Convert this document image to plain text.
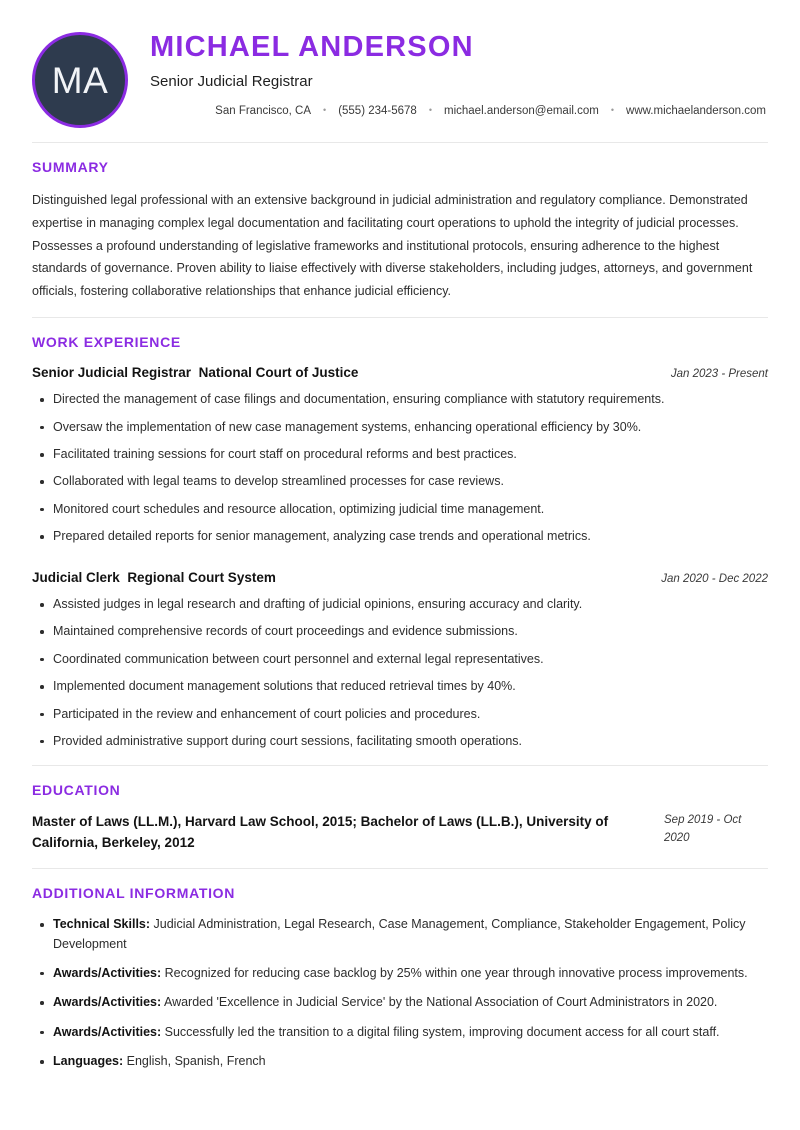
MA
MICHAEL ANDERSON
Senior Judicial Registrar
San Francisco, CA	•	(555) 234-5678	•	michael.anderson@email.com	•	www.michaelanderson.com
SUMMARY
Distinguished legal professional with an extensive background in judicial administration and regulatory compliance. Demonstrated expertise in managing complex legal documentation and facilitating court operations to uphold the integrity of judicial processes. Possesses a profound understanding of legislative frameworks and institutional protocols, ensuring adherence to the highest standards of governance. Proven ability to liaise effectively with diverse stakeholders, including judges, attorneys, and government officials, fostering collaborative relationships that enhance judicial efficiency.
WORK EXPERIENCE
Senior Judicial Registrar National Court of Justice	Jan 2023 - Present
Directed the management of case filings and documentation, ensuring compliance with statutory requirements.
Oversaw the implementation of new case management systems, enhancing operational efficiency by 30%.
Facilitated training sessions for court staff on procedural reforms and best practices.
Collaborated with legal teams to develop streamlined processes for case reviews.
Monitored court schedules and resource allocation, optimizing judicial time management.
Prepared detailed reports for senior management, analyzing case trends and operational metrics.
Judicial Clerk Regional Court System	Jan 2020 - Dec 2022
Assisted judges in legal research and drafting of judicial opinions, ensuring accuracy and clarity.
Maintained comprehensive records of court proceedings and evidence submissions.
Coordinated communication between court personnel and external legal representatives.
Implemented document management solutions that reduced retrieval times by 40%.
Participated in the review and enhancement of court policies and procedures.
Provided administrative support during court sessions, facilitating smooth operations.
EDUCATION
Master of Laws (LL.M.), Harvard Law School, 2015; Bachelor of Laws (LL.B.), University of California, Berkeley, 2012
Sep 2019 - Oct 2020
ADDITIONAL INFORMATION
Technical Skills: Judicial Administration, Legal Research, Case Management, Compliance, Stakeholder Engagement, Policy Development
Awards/Activities: Recognized for reducing case backlog by 25% within one year through innovative process improvements.
Awards/Activities: Awarded 'Excellence in Judicial Service' by the National Association of Court Administrators in 2020.
Awards/Activities: Successfully led the transition to a digital filing system, improving document access for all court staff.
Languages: English, Spanish, French
